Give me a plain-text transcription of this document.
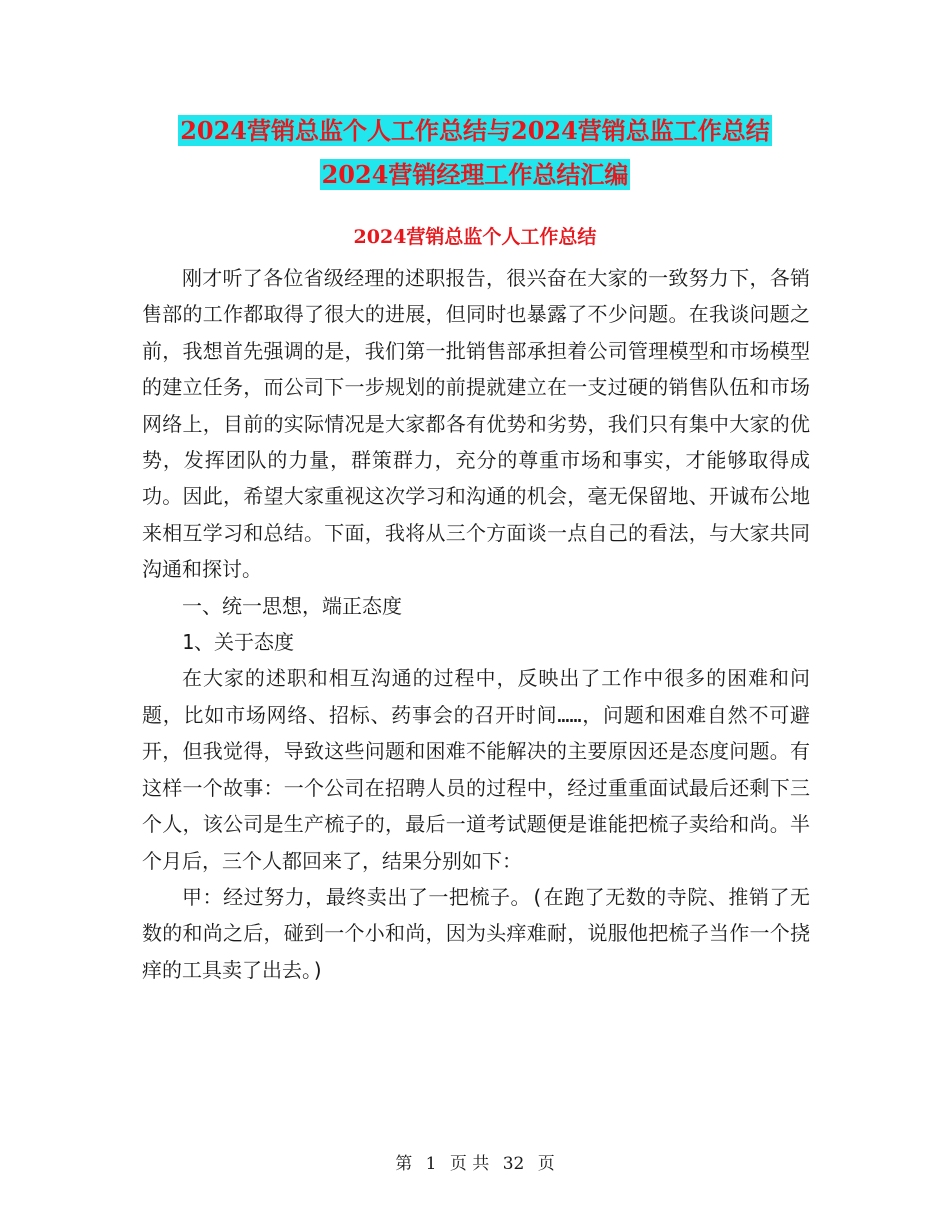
2024营销总监个人工作总结与2024营销总监工作总结
2024营销经理工作总结汇编
2024营销总监个人工作总结

刚才听了各位省级经理的述职报告，很兴奋在大家的一致努力下，各销售部的工作都取得了很大的进展，但同时也暴露了不少问题。在我谈问题之前，我想首先强调的是，我们第一批销售部承担着公司管理模型和市场模型的建立任务，而公司下一步规划的前提就建立在一支过硬的销售队伍和市场网络上，目前的实际情况是大家都各有优势和劣势，我们只有集中大家的优势，发挥团队的力量，群策群力，充分的尊重市场和事实，才能够取得成功。因此，希望大家重视这次学习和沟通的机会，毫无保留地、开诚布公地来相互学习和总结。下面，我将从三个方面谈一点自己的看法，与大家共同沟通和探讨。

一、统一思想，端正态度

1、关于态度

在大家的述职和相互沟通的过程中，反映出了工作中很多的困难和问题，比如市场网络、招标、药事会的召开时间……，问题和困难自然不可避开，但我觉得，导致这些问题和困难不能解决的主要原因还是态度问题。有这样一个故事：一个公司在招聘人员的过程中，经过重重面试最后还剩下三个人，该公司是生产梳子的，最后一道考试题便是谁能把梳子卖给和尚。半个月后，三个人都回来了，结果分别如下：

甲：经过努力，最终卖出了一把梳子。(在跑了无数的寺院、推销了无数的和尚之后，碰到一个小和尚，因为头痒难耐，说服他把梳子当作一个挠痒的工具卖了出去。)

第 1 页 共 32 页
